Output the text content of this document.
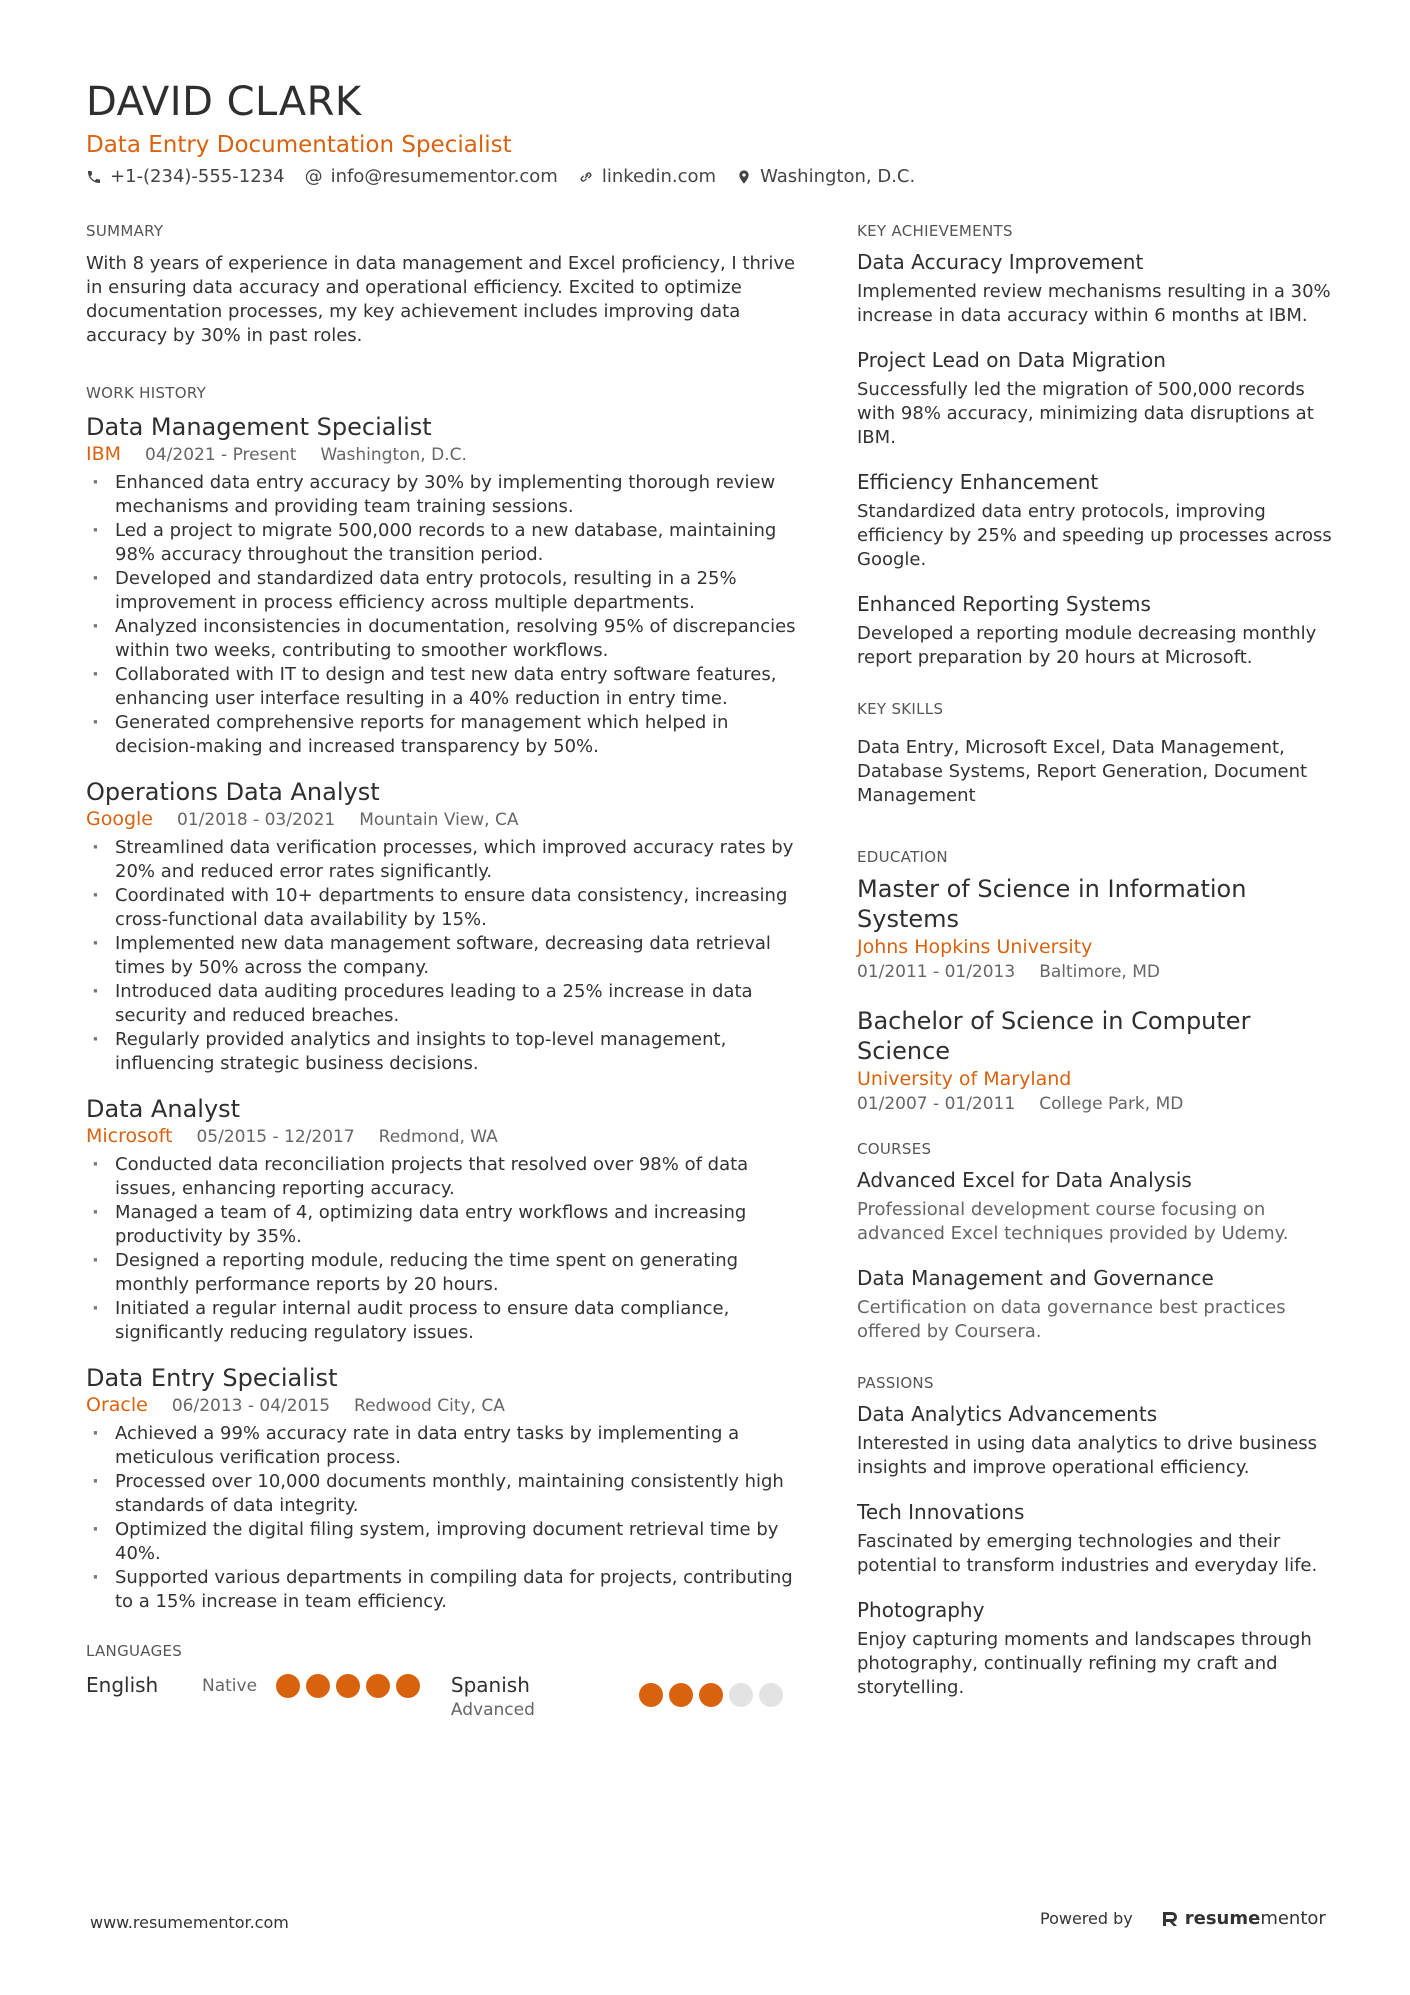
DAVID CLARK
Data Entry Documentation Specialist
+1-(234)-555-1234 @ info@resumementor.com linkedin.com Washington, D.C.
SUMMARY
With 8 years of experience in data management and Excel proficiency, I thrive in ensuring data accuracy and operational efficiency. Excited to optimize documentation processes, my key achievement includes improving data accuracy by 30% in past roles.
WORK HISTORY
Data Management Specialist
IBM 04/2021 - Present Washington, D.C.
· Enhanced data entry accuracy by 30% by implementing thorough review mechanisms and providing team training sessions.
· Led a project to migrate 500,000 records to a new database, maintaining 98% accuracy throughout the transition period.
· Developed and standardized data entry protocols, resulting in a 25% improvement in process efficiency across multiple departments.
· Analyzed inconsistencies in documentation, resolving 95% of discrepancies within two weeks, contributing to smoother workflows.
· Collaborated with IT to design and test new data entry software features, enhancing user interface resulting in a 40% reduction in entry time.
· Generated comprehensive reports for management which helped in decision-making and increased transparency by 50%.
Operations Data Analyst
Google 01/2018 - 03/2021 Mountain View, CA
· Streamlined data verification processes, which improved accuracy rates by 20% and reduced error rates significantly.
· Coordinated with 10+ departments to ensure data consistency, increasing cross-functional data availability by 15%.
· Implemented new data management software, decreasing data retrieval times by 50% across the company.
· Introduced data auditing procedures leading to a 25% increase in data security and reduced breaches.
· Regularly provided analytics and insights to top-level management, influencing strategic business decisions.
Data Analyst
Microsoft 05/2015 - 12/2017 Redmond, WA
· Conducted data reconciliation projects that resolved over 98% of data issues, enhancing reporting accuracy.
· Managed a team of 4, optimizing data entry workflows and increasing productivity by 35%.
· Designed a reporting module, reducing the time spent on generating monthly performance reports by 20 hours.
· Initiated a regular internal audit process to ensure data compliance, significantly reducing regulatory issues.
Data Entry Specialist
Oracle 06/2013 - 04/2015 Redwood City, CA
· Achieved a 99% accuracy rate in data entry tasks by implementing a meticulous verification process.
· Processed over 10,000 documents monthly, maintaining consistently high standards of data integrity.
· Optimized the digital filing system, improving document retrieval time by 40%.
· Supported various departments in compiling data for projects, contributing to a 15% increase in team efficiency.
LANGUAGES
English	Native	Spanish
Advanced
KEY ACHIEVEMENTS
Data Accuracy Improvement
Implemented review mechanisms resulting in a 30% increase in data accuracy within 6 months at IBM.
Project Lead on Data Migration
Successfully led the migration of 500,000 records with 98% accuracy, minimizing data disruptions at IBM.
Efficiency Enhancement
Standardized data entry protocols, improving efficiency by 25% and speeding up processes across Google.
Enhanced Reporting Systems
Developed a reporting module decreasing monthly report preparation by 20 hours at Microsoft.
KEY SKILLS
Data Entry, Microsoft Excel, Data Management, Database Systems, Report Generation, Document Management
EDUCATION
Master of Science in Information Systems
Johns Hopkins University
01/2011 - 01/2013 Baltimore, MD
Bachelor of Science in Computer Science
University of Maryland
01/2007 - 01/2011 College Park, MD
COURSES
Advanced Excel for Data Analysis
Professional development course focusing on advanced Excel techniques provided by Udemy.
Data Management and Governance
Certification on data governance best practices offered by Coursera.
PASSIONS
Data Analytics Advancements
Interested in using data analytics to drive business insights and improve operational efficiency.
Tech Innovations
Fascinated by emerging technologies and their potential to transform industries and everyday life.
Photography
Enjoy capturing moments and landscapes through photography, continually refining my craft and storytelling.
www.resumementor.com	Powered by	resumementor
